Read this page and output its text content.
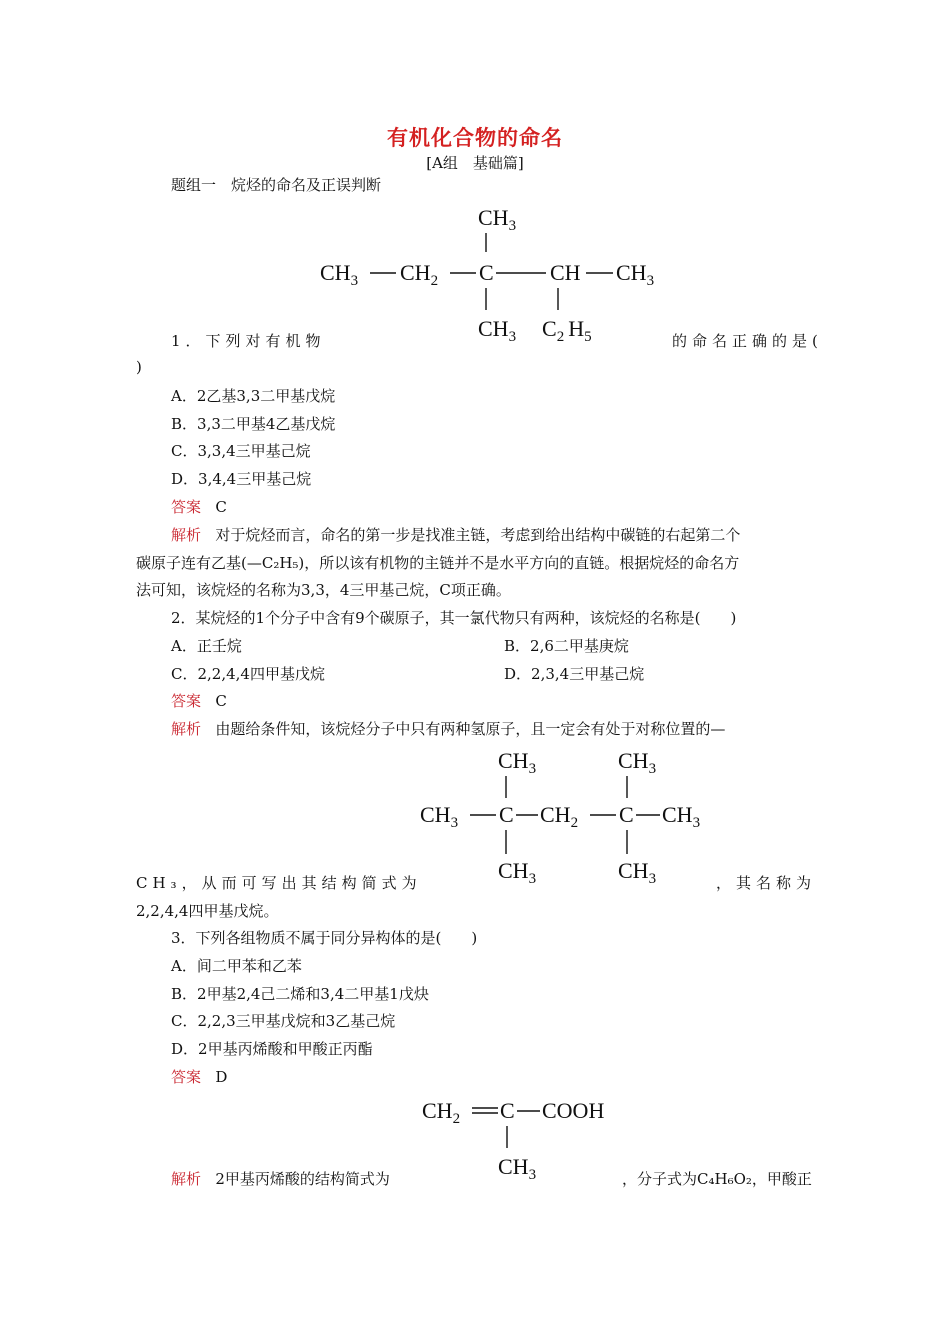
有机化合物的命名
[A组　基础篇]
题组一　烷烃的命名及正误判断
$CH_3$
$CH_3$ $CH_2$ C	CH $CH_3$
$CH_3$ $C_2$ $H_5$
1．下列对有机物	的命名正确的是(
)
A．2乙基3,3二甲基戊烷
B．3,3二甲基4乙基戊烷
C．3,3,4三甲基己烷
D．3,4,4三甲基己烷
答案 C
解析 对于烷烃而言，命名的第一步是找准主链，考虑到给出结构中碳链的右起第二个
碳原子连有乙基(—C₂H₅)，所以该有机物的主链并不是水平方向的直链。根据烷烃的命名方
法可知，该烷烃的名称为3,3，4三甲基己烷，C项正确。
2．某烷烃的1个分子中含有9个碳原子，其一氯代物只有两种，该烷烃的名称是(　　)
A．正壬烷	B．2,6二甲基庚烷
C．2,2,4,4四甲基戊烷	D．2,3,4三甲基己烷
答案 C
解析 由题给条件知，该烷烃分子中只有两种氢原子，且一定会有处于对称位置的—
$CH_3$	$CH_3$
$CH_3$ C $CH_2$ C $CH_3$
$CH_3$	$CH_3$
CH₃，从而可写出其结构简式为	，其名称为
2,2,4,4四甲基戊烷。
3．下列各组物质不属于同分异构体的是(　　)
A．间二甲苯和乙苯
B．2甲基2,4己二烯和3,4二甲基1戊炔
C．2,2,3三甲基戊烷和3乙基己烷
D．2甲基丙烯酸和甲酸正丙酯
答案 D
$CH_2$ C COOH
$CH_3$
解析 2甲基丙烯酸的结构简式为	，分子式为C₄H₆O₂，甲酸正
